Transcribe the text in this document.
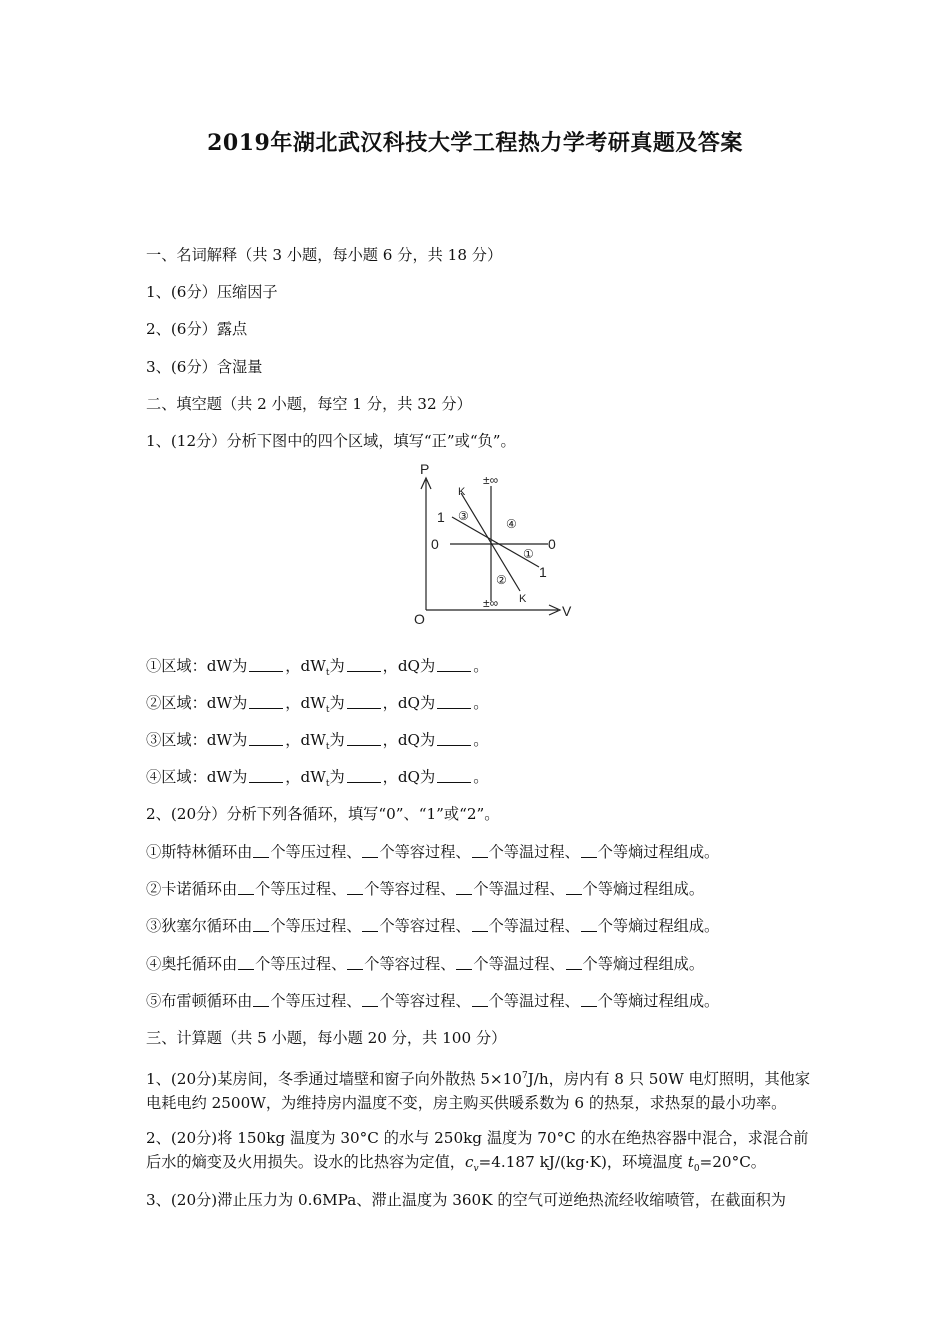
2019年湖北武汉科技大学工程热力学考研真题及答案
一、名词解释（共 3 小题，每小题 6 分，共 18 分）
1、(6分）压缩因子
2、(6分）露点
3、(6分）含湿量
二、填空题（共 2 小题，每空 1 分，共 32 分）
1、(12分）分析下图中的四个区域，填写“正”或“负”。
P
V
O
±∞
±∞
K
K
1
1
0	0
①
②
③
④
①区域：dW为	，$dW_t$为	，dQ为	。
②区域：dW为	，$dW_t$为	，dQ为	。
③区域：dW为	，$dW_t$为	，dQ为	。
④区域：dW为	，$dW_t$为	，dQ为	。
2、(20分）分析下列各循环，填写“0”、“1”或“2”。
①斯特林循环由 个等压过程、 个等容过程、 个等温过程、 个等熵过程组成。
②卡诺循环由 个等压过程、 个等容过程、 个等温过程、 个等熵过程组成。
③狄塞尔循环由 个等压过程、 个等容过程、 个等温过程、 个等熵过程组成。
④奥托循环由 个等压过程、 个等容过程、 个等温过程、 个等熵过程组成。
⑤布雷顿循环由 个等压过程、 个等容过程、 个等温过程、 个等熵过程组成。
三、计算题（共 5 小题，每小题 20 分，共 100 分）
1、(20分)某房间，冬季通过墙壁和窗子向外散热 $5\times 10^7J/h$，房内有 8 只 50W 电灯照明，其他家电耗电约 2500W，为维持房内温度不变，房主购买供暖系数为 6 的热泵，求热泵的最小功率。
2、(20分)将 150kg 温度为 30°C 的水与 250kg 温度为 70°C 的水在绝热容器中混合，求混合前后水的熵变及火用损失。设水的比热容为定值，$c_v=4.187$ kJ/(kg·K)，环境温度 $t_0=20^\circ C$。
3、(20分)滞止压力为 0.6MPa、滞止温度为 360K 的空气可逆绝热流经收缩喷管，在截面积为
